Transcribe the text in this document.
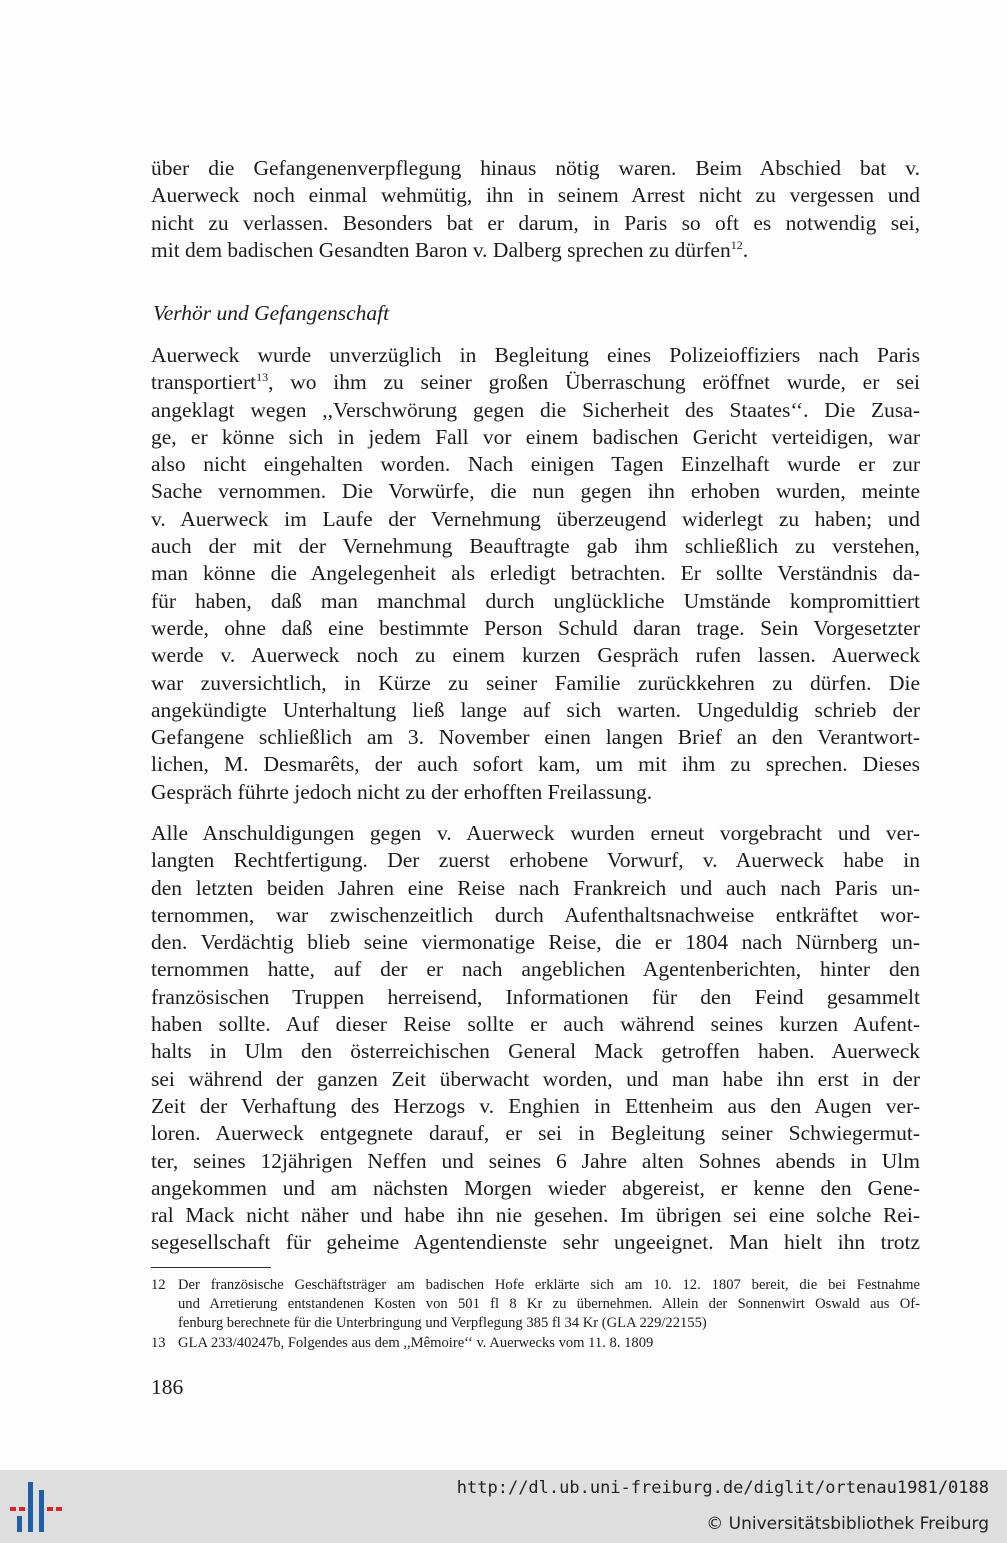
über die Gefangenenverpflegung hinaus nötig waren. Beim Abschied bat v.
Auerweck noch einmal wehmütig, ihn in seinem Arrest nicht zu vergessen und
nicht zu verlassen. Besonders bat er darum, in Paris so oft es notwendig sei,
mit dem badischen Gesandten Baron v. Dalberg sprechen zu dürfen$^{12}$.
Verhör und Gefangenschaft
Auerweck wurde unverzüglich in Begleitung eines Polizeioffiziers nach Paris
transportiert$^{13}$, wo ihm zu seiner großen Überraschung eröffnet wurde, er sei
angeklagt wegen ,,Verschwörung gegen die Sicherheit des Staates‘‘. Die Zusa-
ge, er könne sich in jedem Fall vor einem badischen Gericht verteidigen, war
also nicht eingehalten worden. Nach einigen Tagen Einzelhaft wurde er zur
Sache vernommen. Die Vorwürfe, die nun gegen ihn erhoben wurden, meinte
v. Auerweck im Laufe der Vernehmung überzeugend widerlegt zu haben; und
auch der mit der Vernehmung Beauftragte gab ihm schließlich zu verstehen,
man könne die Angelegenheit als erledigt betrachten. Er sollte Verständnis da-
für haben, daß man manchmal durch unglückliche Umstände kompromittiert
werde, ohne daß eine bestimmte Person Schuld daran trage. Sein Vorgesetzter
werde v. Auerweck noch zu einem kurzen Gespräch rufen lassen. Auerweck
war zuversichtlich, in Kürze zu seiner Familie zurückkehren zu dürfen. Die
angekündigte Unterhaltung ließ lange auf sich warten. Ungeduldig schrieb der
Gefangene schließlich am 3. November einen langen Brief an den Verantwort-
lichen, M. Desmarêts, der auch sofort kam, um mit ihm zu sprechen. Dieses
Gespräch führte jedoch nicht zu der erhofften Freilassung.
Alle Anschuldigungen gegen v. Auerweck wurden erneut vorgebracht und ver-
langten Rechtfertigung. Der zuerst erhobene Vorwurf, v. Auerweck habe in
den letzten beiden Jahren eine Reise nach Frankreich und auch nach Paris un-
ternommen, war zwischenzeitlich durch Aufenthaltsnachweise entkräftet wor-
den. Verdächtig blieb seine viermonatige Reise, die er 1804 nach Nürnberg un-
ternommen hatte, auf der er nach angeblichen Agentenberichten, hinter den
französischen Truppen herreisend, Informationen für den Feind gesammelt
haben sollte. Auf dieser Reise sollte er auch während seines kurzen Aufent-
halts in Ulm den österreichischen General Mack getroffen haben. Auerweck
sei während der ganzen Zeit überwacht worden, und man habe ihn erst in der
Zeit der Verhaftung des Herzogs v. Enghien in Ettenheim aus den Augen ver-
loren. Auerweck entgegnete darauf, er sei in Begleitung seiner Schwiegermut-
ter, seines 12jährigen Neffen und seines 6 Jahre alten Sohnes abends in Ulm
angekommen und am nächsten Morgen wieder abgereist, er kenne den Gene-
ral Mack nicht näher und habe ihn nie gesehen. Im übrigen sei eine solche Rei-
segesellschaft für geheime Agentendienste sehr ungeeignet. Man hielt ihn trotz
12 Der französische Geschäftsträger am badischen Hofe erklärte sich am 10. 12. 1807 bereit, die bei Festnahme
und Arretierung entstandenen Kosten von 501 fl 8 Kr zu übernehmen. Allein der Sonnenwirt Oswald aus Of-
fenburg berechnete für die Unterbringung und Verpflegung 385 fl 34 Kr (GLA 229/22155)
13 GLA 233/40247b, Folgendes aus dem ,,Mêmoire‘‘ v. Auerwecks vom 11. 8. 1809
186
http://dl.ub.uni-freiburg.de/diglit/ortenau1981/0188
© Universitätsbibliothek Freiburg
